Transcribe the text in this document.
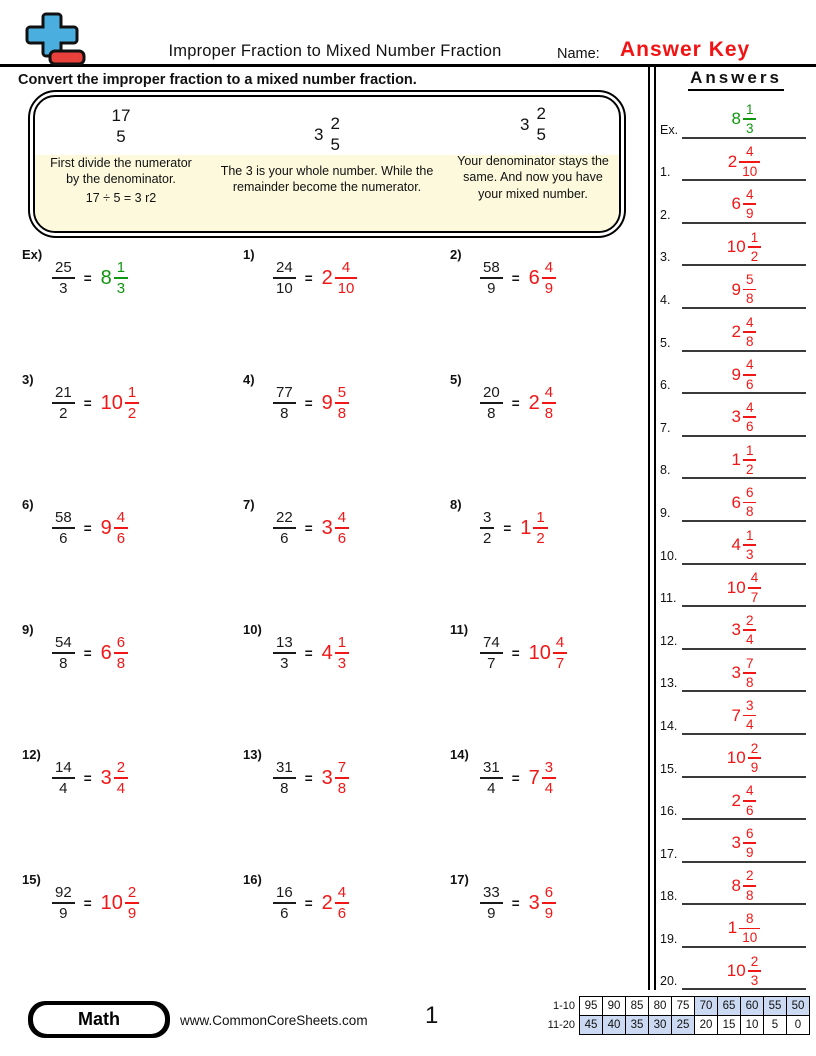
Improper Fraction to Mixed Number Fraction	Name: Answer Key
Convert the improper fraction to a mixed number fraction.
17
5
First divide the numerator by the denominator.
17 ÷ 5 = 3 r2
3
2
5
The 3 is your whole number. While the remainder become the numerator.
3
2
5
Your denominator stays the same. And now you have your mixed number.
Ex)
$\frac{25}{3} = 8 \frac{1}{3}$
1)
$\frac{24}{10} = 2 \frac{4}{10}$
2)
$\frac{58}{9} = 6 \frac{4}{9}$
3)
$\frac{21}{2} = 10 \frac{1}{2}$
4)
$\frac{77}{8} = 9 \frac{5}{8}$
5)
$\frac{20}{8} = 2 \frac{4}{8}$
6)
$\frac{58}{6} = 9 \frac{4}{6}$
7)
$\frac{22}{6} = 3 \frac{4}{6}$
8)
$\frac{3}{2} = 1 \frac{1}{2}$
9)
$\frac{54}{8} = 6 \frac{6}{8}$
10)
$\frac{13}{3} = 4 \frac{1}{3}$
11)
$\frac{74}{7} = 10 \frac{4}{7}$
12)
$\frac{14}{4} = 3 \frac{2}{4}$
13)
$\frac{31}{8} = 3 \frac{7}{8}$
14)
$\frac{31}{4} = 7 \frac{3}{4}$
15)
$\frac{92}{9} = 10 \frac{2}{9}$
16)
$\frac{16}{6} = 2 \frac{4}{6}$
17)
$\frac{33}{9} = 3 \frac{6}{9}$
Answers
Ex.
$8 \frac{1}{3}$
1.
$2 \frac{4}{10}$
2.
$6 \frac{4}{9}$
3.
$10 \frac{1}{2}$
4.
$9 \frac{5}{8}$
5.
$2 \frac{4}{8}$
6.
$9 \frac{4}{6}$
7.
$3 \frac{4}{6}$
8.
$1 \frac{1}{2}$
9.
$6 \frac{6}{8}$
10.
$4 \frac{1}{3}$
11.
$10 \frac{4}{7}$
12.
$3 \frac{2}{4}$
13.
$3 \frac{7}{8}$
14.
$7 \frac{3}{4}$
15.
$10 \frac{2}{9}$
16.
$2 \frac{4}{6}$
17.
$3 \frac{6}{9}$
18.
$8 \frac{2}{8}$
19.
$1 \frac{8}{10}$
20.
$10 \frac{2}{3}$
Math	www.CommonCoreSheets.com 1	1-10	95	90	85	80	75	70	65	60	55	50
11-20	45	40	35	30	25	20	15	10	5	0
